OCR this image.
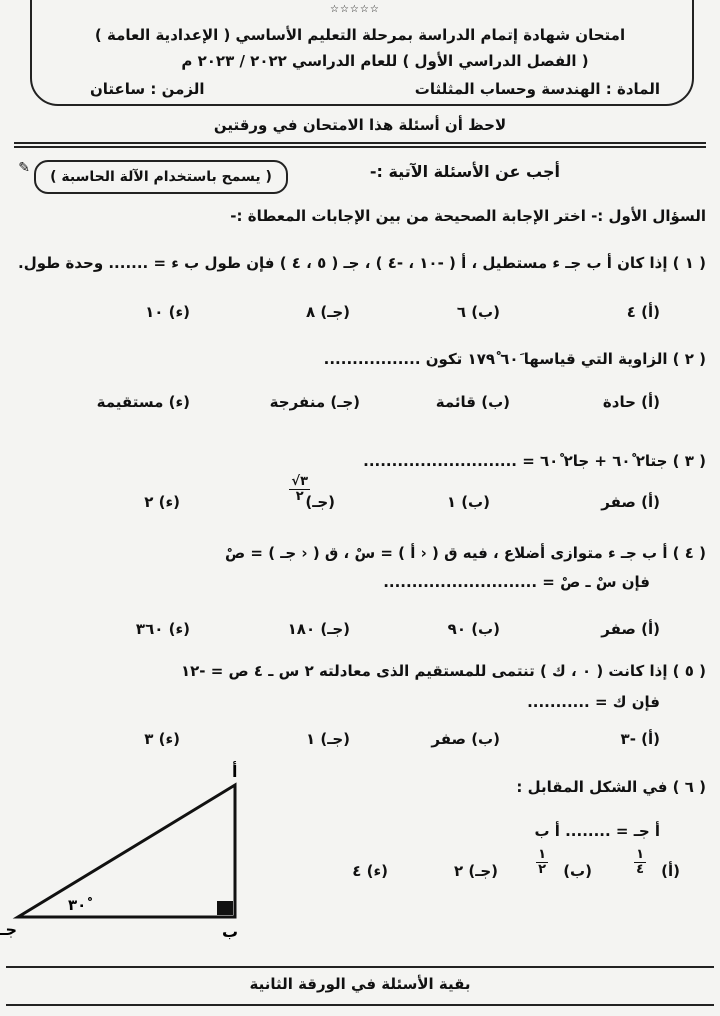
☆☆☆☆☆
امتحان شهادة إتمام الدراسة بمرحلة التعليم الأساسي ( الإعدادية العامة )
( الفصل الدراسي الأول ) للعام الدراسي ٢٠٢٢ / ٢٠٢٣ م
المادة : الهندسة وحساب المثلثات
الزمن : ساعتان
لاحظ أن أسئلة هذا الامتحان في ورقتين
( يسمح باستخدام الآلة الحاسبة )	أجب عن الأسئلة الآتية :-
✎
السؤال الأول :- اختر الإجابة الصحيحة من بين الإجابات المعطاة :-
( ١ ) إذا كان أ ب جـ ء مستطيل ، أ ( -١٠ ، -٤ ) ، جـ ( ٥ ، ٤ ) فإن طول ب ء = ....... وحدة طول.
(أ) ٤
(ب) ٦
(جـ) ٨
(ء) ١٠
( ٢ ) الزاوية التي قياسها ٦٠َ ١٧٩ْ تكون .................
(أ) حادة
(ب) قائمة
(جـ) منفرجة
(ء) مستقيمة
( ٣ ) جتا٢ ٦٠ْ + جا٢ ٦٠ْ = ...........................
(أ) صفر
(ب) ١
(جـ)
$\frac{√٣}{٢}$
(ء) ٢
( ٤ ) أ ب جـ ء متوازى أضلاع ، فيه ق ( ‹ أ ) = سْ ، ق ( ‹ جـ ) = صْ
فإن سْ ـ صْ = ...........................
(أ) صفر
(ب) ٩٠
(جـ) ١٨٠
(ء) ٣٦٠
( ٥ ) إذا كانت ( ٠ ، ك ) تنتمى للمستقيم الذى معادلته ٢ س ـ ٤ ص = -١٢
فإن ك = ...........
(أ) -٣
(ب) صفر
(جـ) ١
(ء) ٣
( ٦ ) في الشكل المقابل :
أ جـ = ........ أ ب
(أ)
$\frac{١}{٤}$
(ب)
$\frac{١}{٢}$
(جـ) ٢
(ء) ٤
أ
ب
جـ
٣٠ْ
بقية الأسئلة في الورقة الثانية
